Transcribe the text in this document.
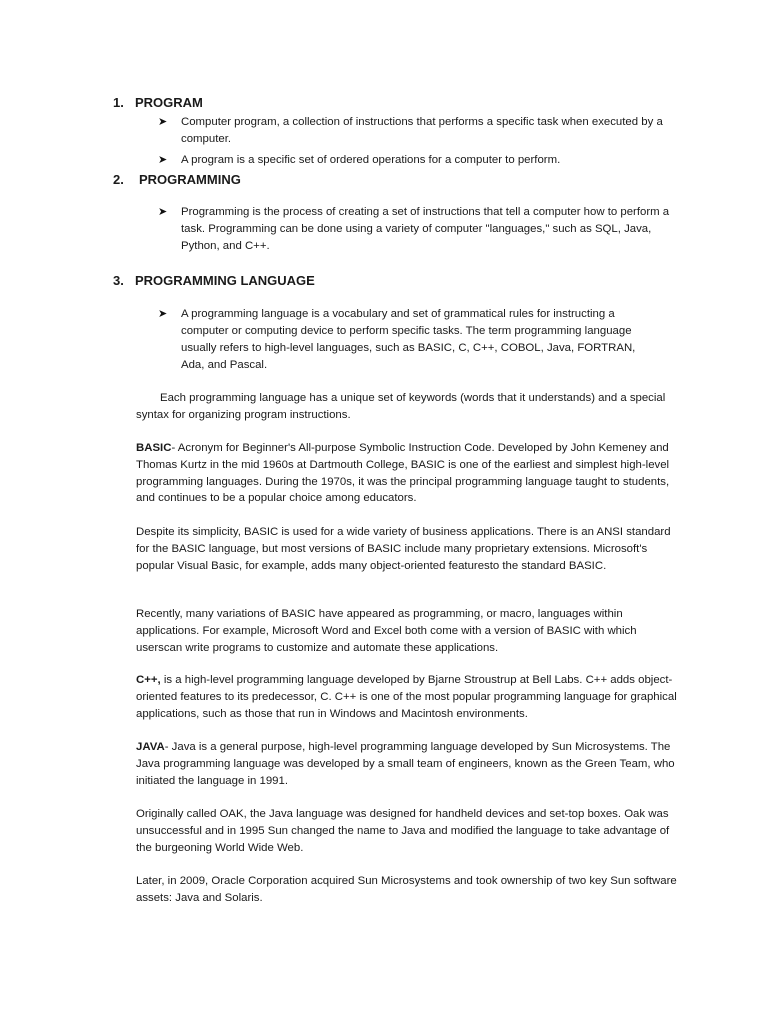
1. PROGRAM
➤ Computer program, a collection of instructions that performs a specific task when executed by a computer.
➤ A program is a specific set of ordered operations for a computer to perform.
2. PROGRAMMING
➤ Programming is the process of creating a set of instructions that tell a computer how to perform a task. Programming can be done using a variety of computer "languages," such as SQL, Java, Python, and C++.
3. PROGRAMMING LANGUAGE
➤ A programming language is a vocabulary and set of grammatical rules for instructing a computer or computing device to perform specific tasks. The term programming language usually refers to high-level languages, such as BASIC, C, C++, COBOL, Java, FORTRAN, Ada, and Pascal.
Each programming language has a unique set of keywords (words that it understands) and a special syntax for organizing program instructions.
BASIC- Acronym for Beginner's All-purpose Symbolic Instruction Code. Developed by John Kemeney and Thomas Kurtz in the mid 1960s at Dartmouth College, BASIC is one of the earliest and simplest high-level programming languages. During the 1970s, it was the principal programming language taught to students, and continues to be a popular choice among educators.
Despite its simplicity, BASIC is used for a wide variety of business applications. There is an ANSI standard for the BASIC language, but most versions of BASIC include many proprietary extensions. Microsoft's popular Visual Basic, for example, adds many object-oriented featuresto the standard BASIC.
Recently, many variations of BASIC have appeared as programming, or macro, languages within applications. For example, Microsoft Word and Excel both come with a version of BASIC with which userscan write programs to customize and automate these applications.
C++, is a high-level programming language developed by Bjarne Stroustrup at Bell Labs. C++ adds object-oriented features to its predecessor, C. C++ is one of the most popular programming language for graphical applications, such as those that run in Windows and Macintosh environments.
JAVA- Java is a general purpose, high-level programming language developed by Sun Microsystems. The Java programming language was developed by a small team of engineers, known as the Green Team, who initiated the language in 1991.
Originally called OAK, the Java language was designed for handheld devices and set-top boxes. Oak was unsuccessful and in 1995 Sun changed the name to Java and modified the language to take advantage of the burgeoning World Wide Web.
Later, in 2009, Oracle Corporation acquired Sun Microsystems and took ownership of two key Sun software assets: Java and Solaris.
